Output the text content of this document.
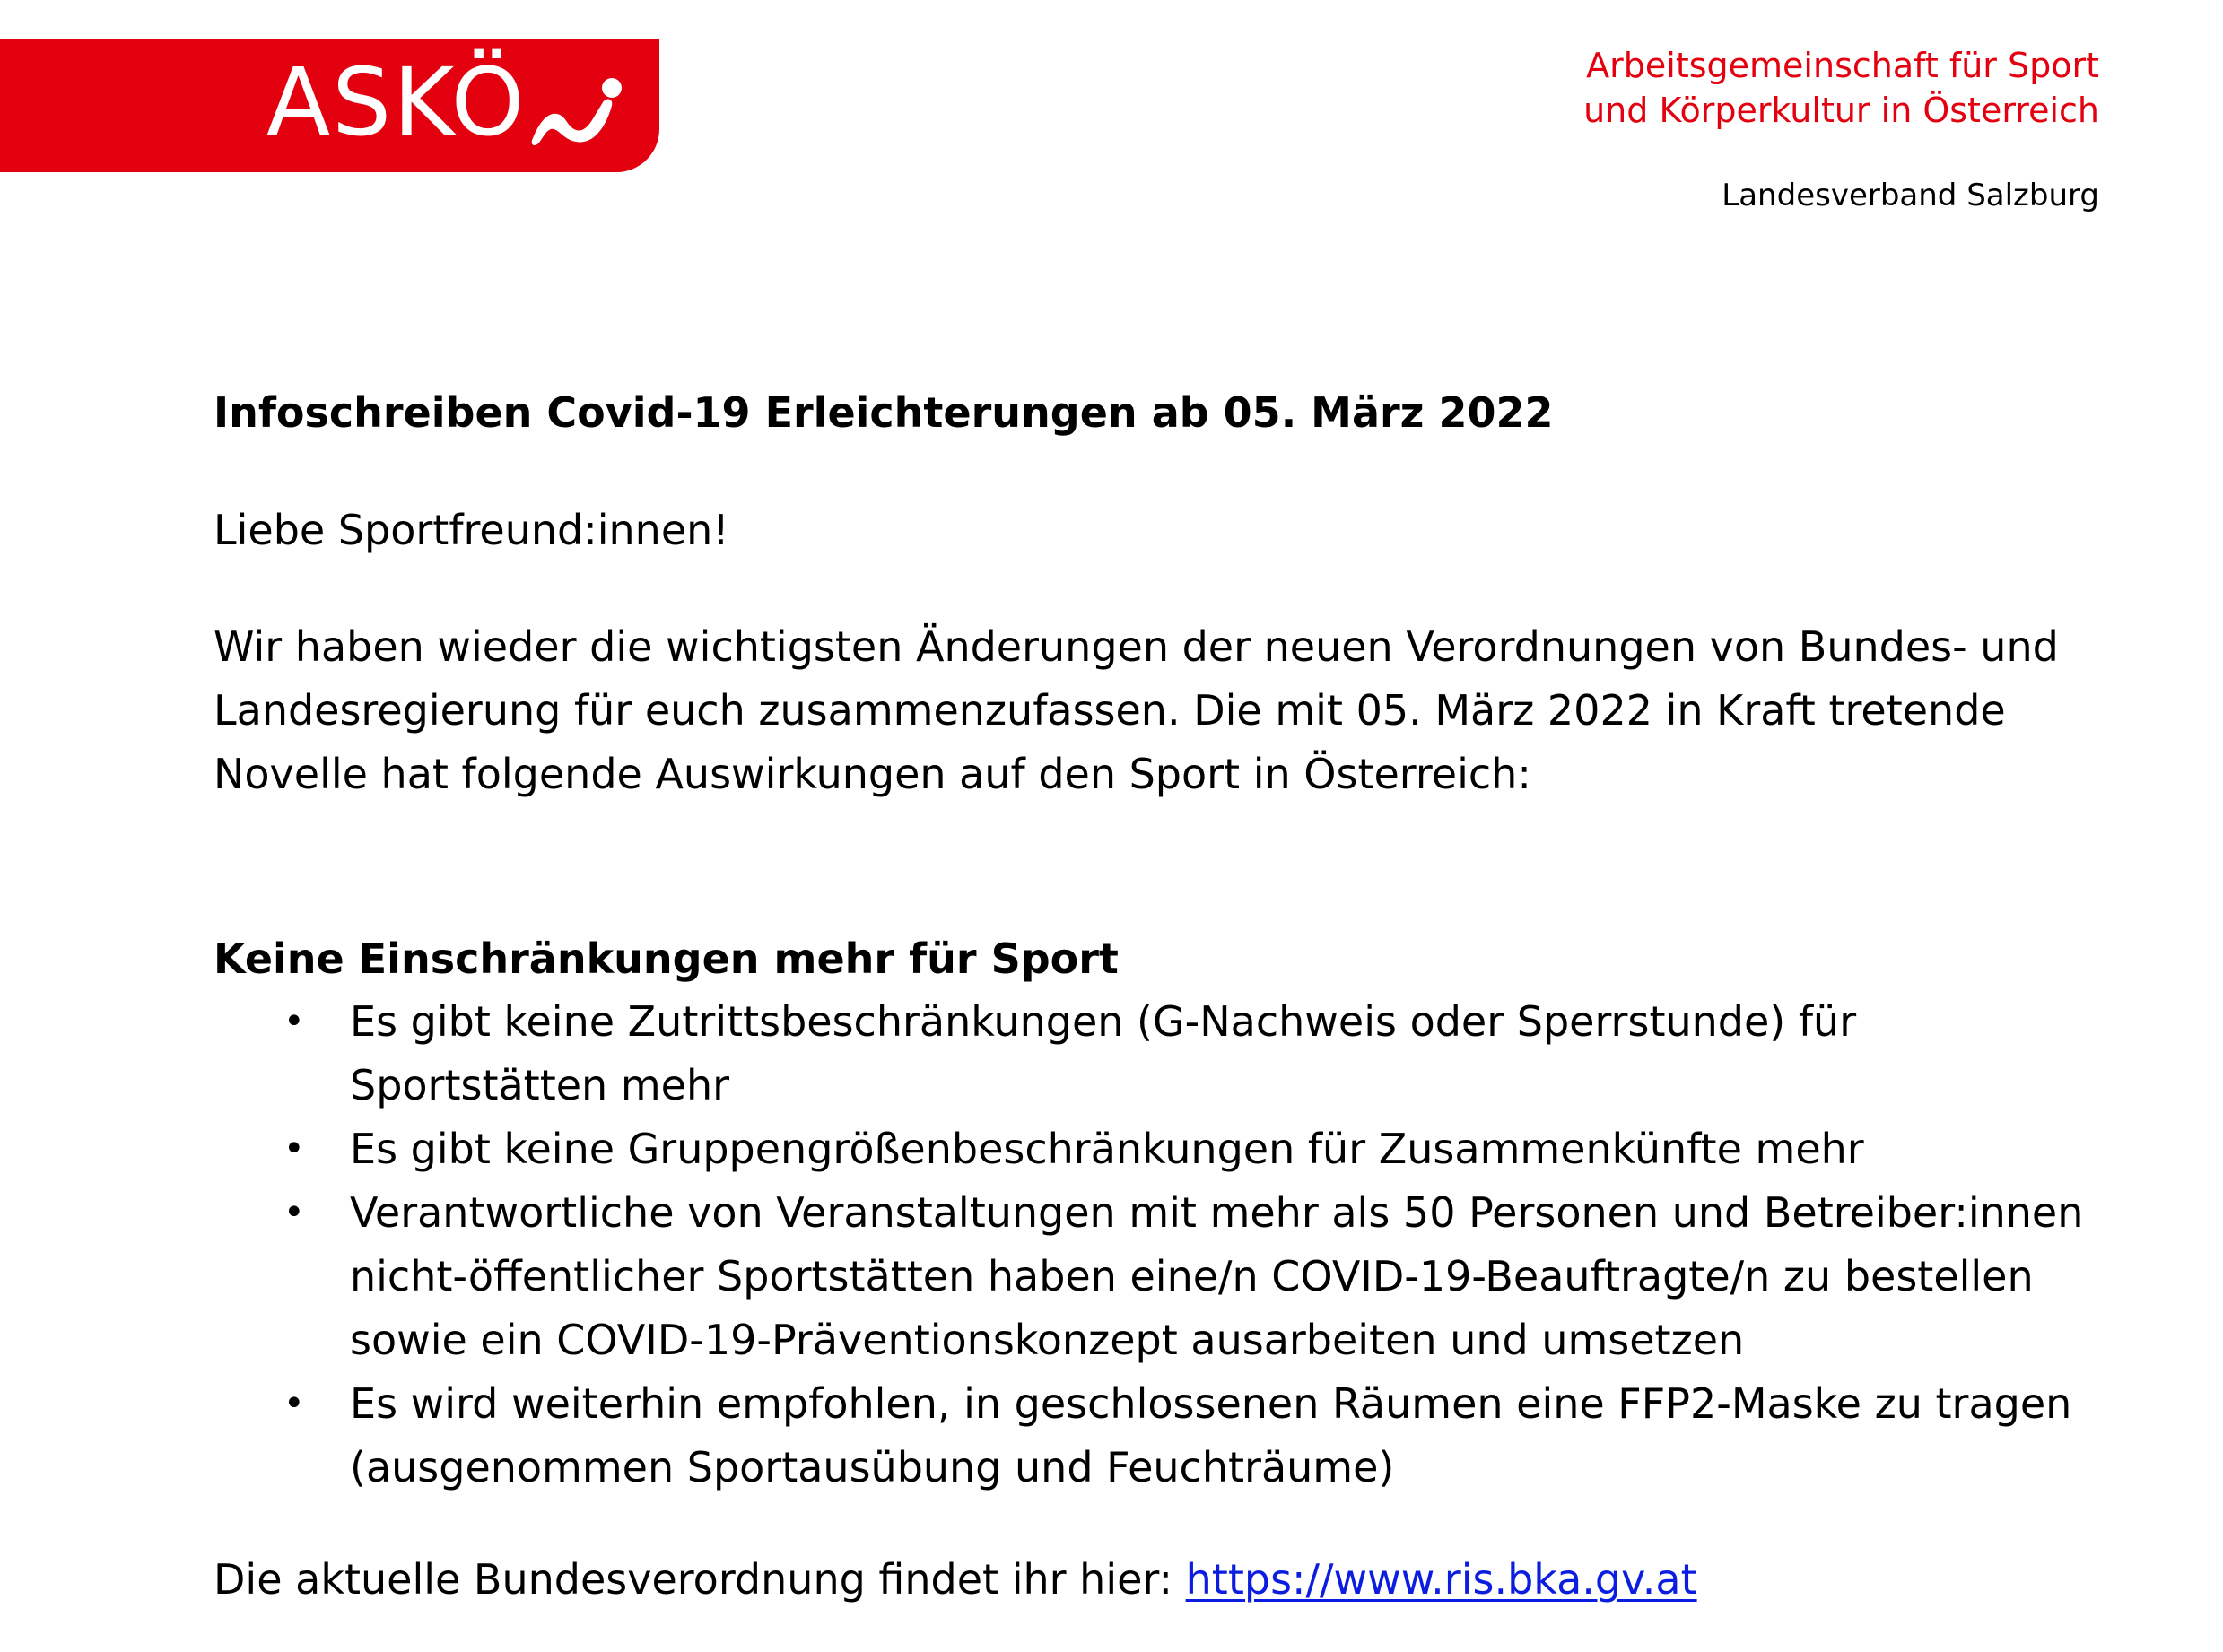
ASKÖ	Arbeitsgemeinschaft für Sport
und Körperkultur in Österreich
Landesverband Salzburg
Infoschreiben Covid-19 Erleichterungen ab 05. März 2022
Liebe Sportfreund:innen!
Wir haben wieder die wichtigsten Änderungen der neuen Verordnungen von Bundes- und
Landesregierung für euch zusammenzufassen. Die mit 05. März 2022 in Kraft tretende
Novelle hat folgende Auswirkungen auf den Sport in Österreich:
Keine Einschränkungen mehr für Sport
• Es gibt keine Zutrittsbeschränkungen (G-Nachweis oder Sperrstunde) für
Sportstätten mehr
• Es gibt keine Gruppengrößenbeschränkungen für Zusammenkünfte mehr
• Verantwortliche von Veranstaltungen mit mehr als 50 Personen und Betreiber:innen
nicht-öffentlicher Sportstätten haben eine/n COVID-19-Beauftragte/n zu bestellen
sowie ein COVID-19-Präventionskonzept ausarbeiten und umsetzen
• Es wird weiterhin empfohlen, in geschlossenen Räumen eine FFP2-Maske zu tragen
(ausgenommen Sportausübung und Feuchträume)
Die aktuelle Bundesverordnung findet ihr hier: https://www.ris.bka.gv.at
